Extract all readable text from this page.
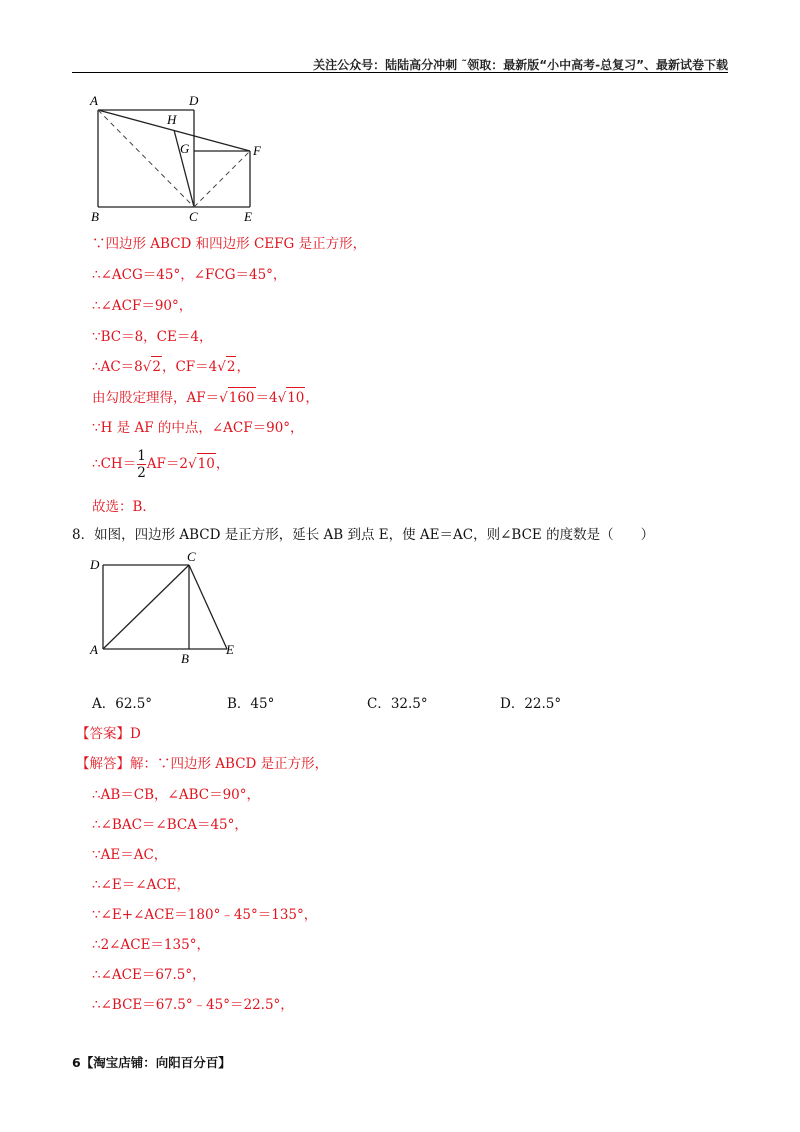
关注公众号：陆陆高分冲刺 ˜领取：最新版“小中高考-总复习”、最新试卷下载
A	D
H
G	F
B	C	E
∵四边形 ABCD 和四边形 CEFG 是正方形，
∴∠ACG＝45°，∠FCG＝45°，
∴∠ACF＝90°，
∵BC＝8，CE＝4，
∴AC＝8√2，CF＝4√2，
由勾股定理得，AF＝√160＝4√10，
∵H 是 AF 的中点，∠ACF＝90°，
∴CH＝ $\frac{1}{2} AF=2√10$，
故选：B．
8．如图，四边形 ABCD 是正方形，延长 AB 到点 E，使 AE＝AC，则∠BCE 的度数是（　　）
C
D
A
B
E
A．62.5°	B．45°	C．32.5°	D．22.5°
【答案】D
【解答】解：∵四边形 ABCD 是正方形，
∴AB＝CB，∠ABC＝90°，
∴∠BAC＝∠BCA＝45°，
∵AE＝AC，
∴∠E＝∠ACE，
∵∠E+∠ACE＝180°﹣45°＝135°，
∴2∠ACE＝135°，
∴∠ACE＝67.5°，
∴∠BCE＝67.5°﹣45°＝22.5°，
6【淘宝店铺：向阳百分百】
